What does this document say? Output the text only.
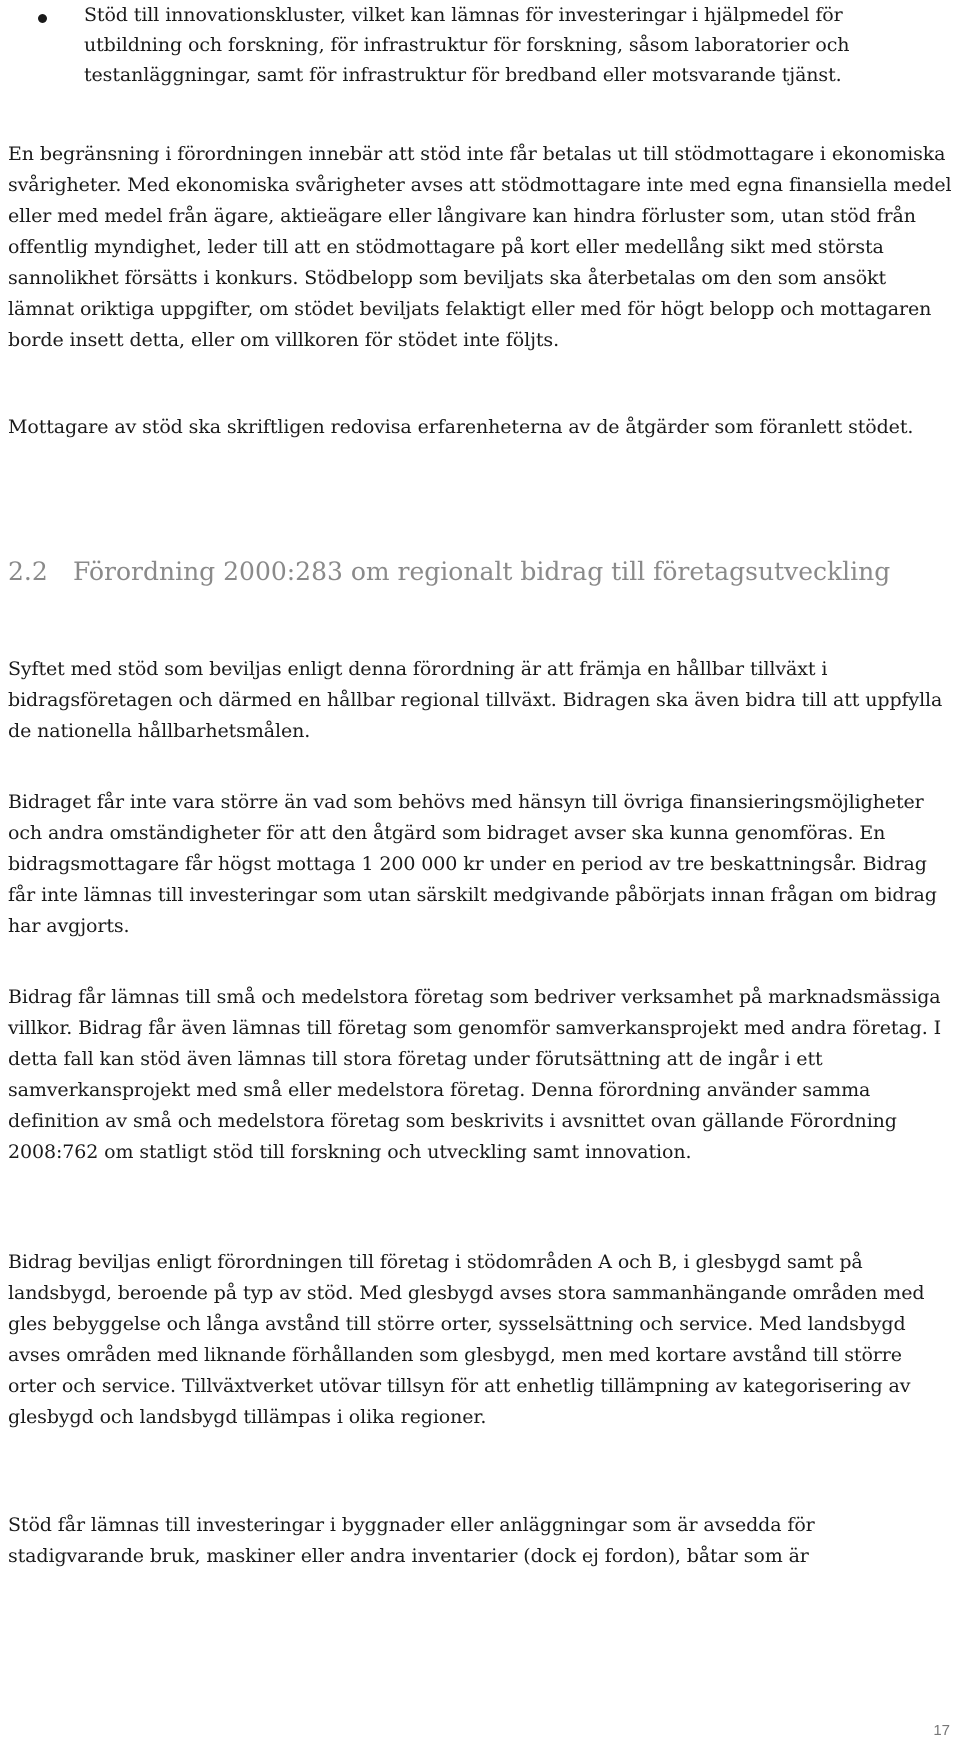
Stöd till innovationskluster, vilket kan lämnas för investeringar i hjälpmedel för utbildning och forskning, för infrastruktur för forskning, såsom laboratorier och testanläggningar, samt för infrastruktur för bredband eller motsvarande tjänst.

En begränsning i förordningen innebär att stöd inte får betalas ut till stödmottagare i ekonomiska svårigheter. Med ekonomiska svårigheter avses att stödmottagare inte med egna finansiella medel eller med medel från ägare, aktieägare eller långivare kan hindra förluster som, utan stöd från offentlig myndighet, leder till att en stödmottagare på kort eller medellång sikt med största sannolikhet försätts i konkurs. Stödbelopp som beviljats ska återbetalas om den som ansökt lämnat oriktiga uppgifter, om stödet beviljats felaktigt eller med för högt belopp och mottagaren borde insett detta, eller om villkoren för stödet inte följts.

Mottagare av stöd ska skriftligen redovisa erfarenheterna av de åtgärder som föranlett stödet.

2.2 Förordning 2000:283 om regionalt bidrag till företagsutveckling

Syftet med stöd som beviljas enligt denna förordning är att främja en hållbar tillväxt i bidragsföretagen och därmed en hållbar regional tillväxt. Bidragen ska även bidra till att uppfylla de nationella hållbarhetsmålen.

Bidraget får inte vara större än vad som behövs med hänsyn till övriga finansieringsmöjligheter och andra omständigheter för att den åtgärd som bidraget avser ska kunna genomföras. En bidragsmottagare får högst mottaga 1 200 000 kr under en period av tre beskattningsår. Bidrag får inte lämnas till investeringar som utan särskilt medgivande påbörjats innan frågan om bidrag har avgjorts.

Bidrag får lämnas till små och medelstora företag som bedriver verksamhet på marknadsmässiga villkor. Bidrag får även lämnas till företag som genomför samverkansprojekt med andra företag. I detta fall kan stöd även lämnas till stora företag under förutsättning att de ingår i ett samverkansprojekt med små eller medelstora företag. Denna förordning använder samma definition av små och medelstora företag som beskrivits i avsnittet ovan gällande Förordning 2008:762 om statligt stöd till forskning och utveckling samt innovation.

Bidrag beviljas enligt förordningen till företag i stödområden A och B, i glesbygd samt på landsbygd, beroende på typ av stöd. Med glesbygd avses stora sammanhängande områden med gles bebyggelse och långa avstånd till större orter, sysselsättning och service. Med landsbygd avses områden med liknande förhållanden som glesbygd, men med kortare avstånd till större orter och service. Tillväxtverket utövar tillsyn för att enhetlig tillämpning av kategorisering av glesbygd och landsbygd tillämpas i olika regioner.

Stöd får lämnas till investeringar i byggnader eller anläggningar som är avsedda för stadigvarande bruk, maskiner eller andra inventarier (dock ej fordon), båtar som är

17
